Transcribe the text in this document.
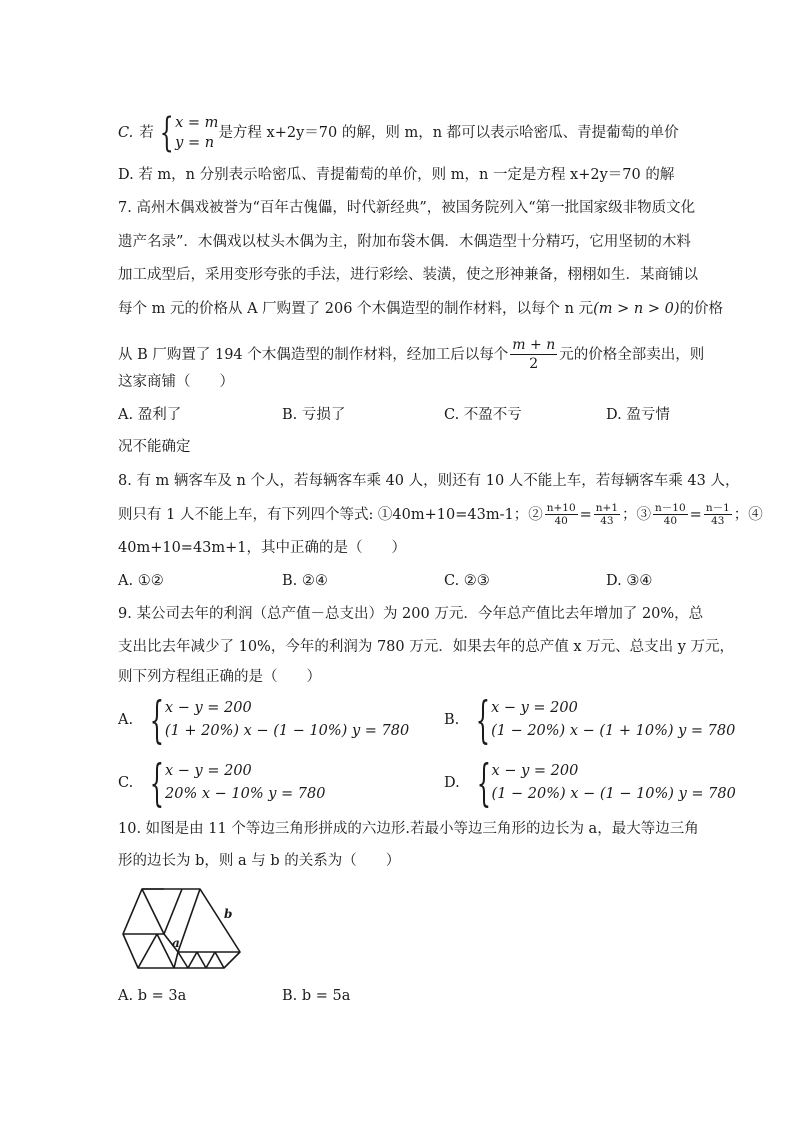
C. 若 { x = m
y = n
是方程 x+2y＝70 的解，则 m，n 都可以表示哈密瓜、青提葡萄的单价
D. 若 m，n 分别表示哈密瓜、青提葡萄的单价，则 m，n 一定是方程 x+2y＝70 的解
7. 高州木偶戏被誉为“百年古傀儡，时代新经典”，被国务院列入“第一批国家级非物质文化
遗产名录”．木偶戏以杖头木偶为主，附加布袋木偶．木偶造型十分精巧，它用坚韧的木料
加工成型后，采用变形夸张的手法，进行彩绘、装潢，使之形神兼备，栩栩如生．某商铺以
每个 m 元的价格从 A 厂购置了 206 个木偶造型的制作材料，以每个 n 元(m > n > 0)的价格
从 B 厂购置了 194 个木偶造型的制作材料，经加工后以每个 $\frac{m + n}{2}$ 元的价格全部卖出，则
这家商铺（　　）
A. 盈利了	B. 亏损了	C. 不盈不亏	D. 盈亏情
况不能确定
8. 有 m 辆客车及 n 个人，若每辆客车乘 40 人，则还有 10 人不能上车，若每辆客车乘 43 人，
则只有 1 人不能上车，有下列四个等式: ①40m+10=43m-1；② $\frac{n+10}{40} = \frac{n+1}{43}$ ；③ $\frac{n-10}{40} = \frac{n-1}{43}$ ；④
40m+10=43m+1，其中正确的是（　　）
A. ①②	B. ②④	C. ②③	D. ③④
9. 某公司去年的利润（总产值－总支出）为 200 万元．今年总产值比去年增加了 20%，总
支出比去年减少了 10%，今年的利润为 780 万元．如果去年的总产值 x 万元、总支出 y 万元，
则下列方程组正确的是（　　）
A. { x − y = 200
(1 + 20%) x − (1 − 10%) y = 780
B. { x − y = 200
(1 − 20%) x − (1 + 10%) y = 780
C. { x − y = 200
20% x − 10% y = 780
D. { x − y = 200
(1 − 20%) x − (1 − 10%) y = 780
10. 如图是由 11 个等边三角形拼成的六边形.若最小等边三角形的边长为 a，最大等边三角
形的边长为 b，则 a 与 b 的关系为（　　）
a
b
A. b = 3a	B. b = 5a
